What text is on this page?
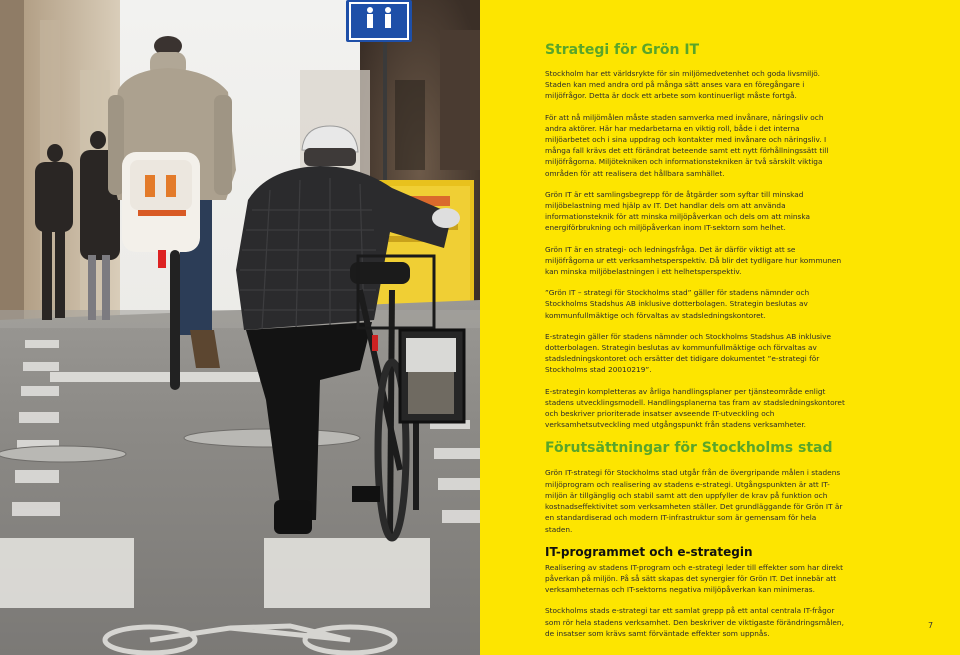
Strategi för Grön IT

Stockholm har ett världsrykte för sin miljömedvetenhet och goda livsmiljö. Staden kan med andra ord på många sätt anses vara en föregångare i miljöfrågor. Detta är dock ett arbete som kontinuerligt måste fortgå.

För att nå miljömålen måste staden samverka med invånare, näringsliv och andra aktörer. Här har medarbetarna en viktig roll, både i det interna miljöarbetet och i sina uppdrag och kontakter med invånare och näringsliv. I många fall krävs det ett förändrat beteende samt ett nytt förhållningssätt till miljöfrågorna. Miljötekniken och informationstekniken är två särskilt viktiga områden för att realisera det hållbara samhället.

Grön IT är ett samlingsbegrepp för de åtgärder som syftar till minskad miljöbelastning med hjälp av IT. Det handlar dels om att använda informationsteknik för att minska miljöpåverkan och dels om att minska energiförbrukning och miljöpåverkan inom IT-sektorn som helhet.

Grön IT är en strategi- och ledningsfråga. Det är därför viktigt att se miljöfrågorna ur ett verksamhetsperspektiv. Då blir det tydligare hur kommunen kan minska miljöbelastningen i ett helhetsperspektiv.

”Grön IT – strategi för Stockholms stad” gäller för stadens nämnder och Stockholms Stadshus AB inklusive dotterbolagen. Strategin beslutas av kommunfullmäktige och förvaltas av stadsledningskontoret.

E-strategin gäller för stadens nämnder och Stockholms Stadshus AB inklusive dotterbolagen. Strategin beslutas av kommunfullmäktige och förvaltas av stadsledningskontoret och ersätter det tidigare dokumentet ”e-strategi för Stockholms stad 20010219”.

E-strategin kompletteras av årliga handlingsplaner per tjänsteområde enligt stadens utvecklingsmodell. Handlingsplanerna tas fram av stadsledningskontoret och beskriver prioriterade insatser avseende IT-utveckling och verksamhetsutveckling med utgångspunkt från stadens verksamheter.

Förutsättningar för Stockholms stad

Grön IT-strategi för Stockholms stad utgår från de övergripande målen i stadens miljöprogram och realisering av stadens e-strategi. Utgångspunkten är att IT-miljön är tillgänglig och stabil samt att den uppfyller de krav på funktion och kostnadseffektivitet som verksamheten ställer. Det grundläggande för Grön IT är en standardiserad och modern IT-infrastruktur som är gemensam för hela staden.

IT-programmet och e-strategin

Realisering av stadens IT-program och e-strategi leder till effekter som har direkt påverkan på miljön. På så sätt skapas det synergier för Grön IT. Det innebär att verksamheternas och IT-sektorns negativa miljöpåverkan kan minimeras.

Stockholms stads e-strategi tar ett samlat grepp på ett antal centrala IT-frågor som rör hela stadens verksamhet. Den beskriver de viktigaste förändringsmålen, de insatser som krävs samt förväntade effekter som uppnås.

7
